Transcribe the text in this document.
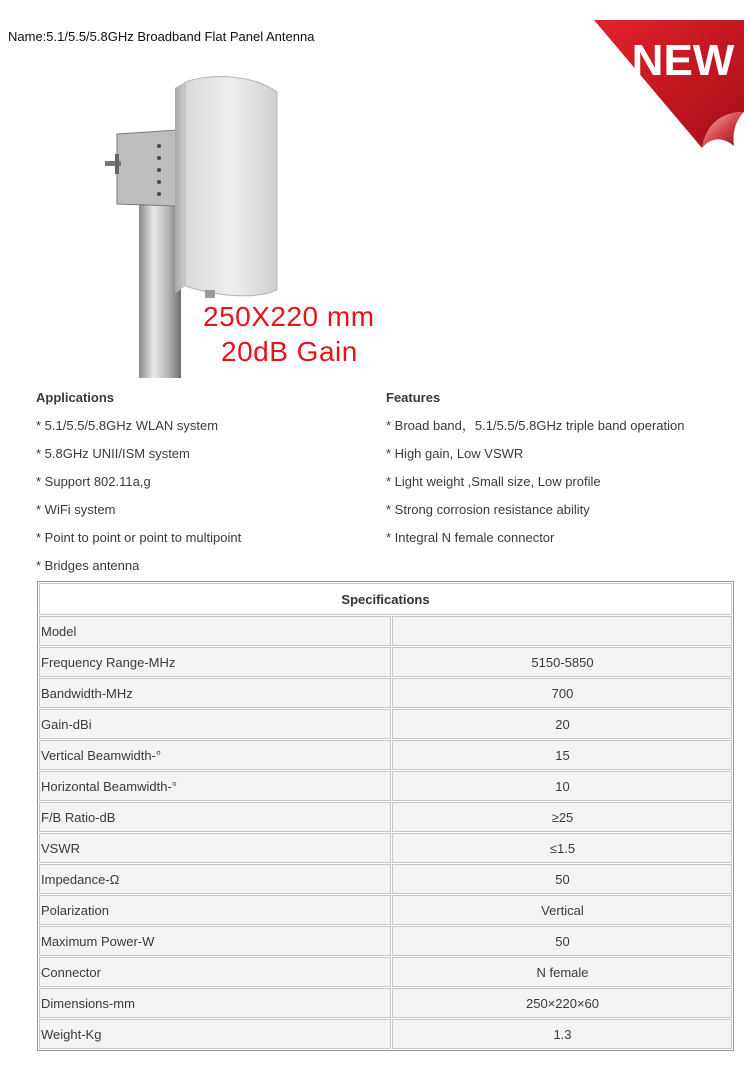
Name:5.1/5.5/5.8GHz Broadband Flat Panel Antenna	NEW
250X220 mm
20dB Gain
Applications
* 5.1/5.5/5.8GHz WLAN system
* 5.8GHz UNII/ISM system
* Support 802.11a,g
* WiFi system
* Point to point or point to multipoint
* Bridges antenna
Features
* Broad band，5.1/5.5/5.8GHz triple band operation
* High gain, Low VSWR
* Light weight ,Small size, Low profile
* Strong corrosion resistance ability
* Integral N female connector
Specifications	
Model	
Frequency Range-MHz	5150-5850
Bandwidth-MHz	700
Gain-dBi	20
Vertical Beamwidth-°	15
Horizontal Beamwidth-°	10
F/B Ratio-dB	≥25
VSWR	≤1.5
Impedance-Ω	50
Polarization	Vertical
Maximum Power-W	50
Connector	N female
Dimensions-mm	250×220×60
Weight-Kg	1.3
